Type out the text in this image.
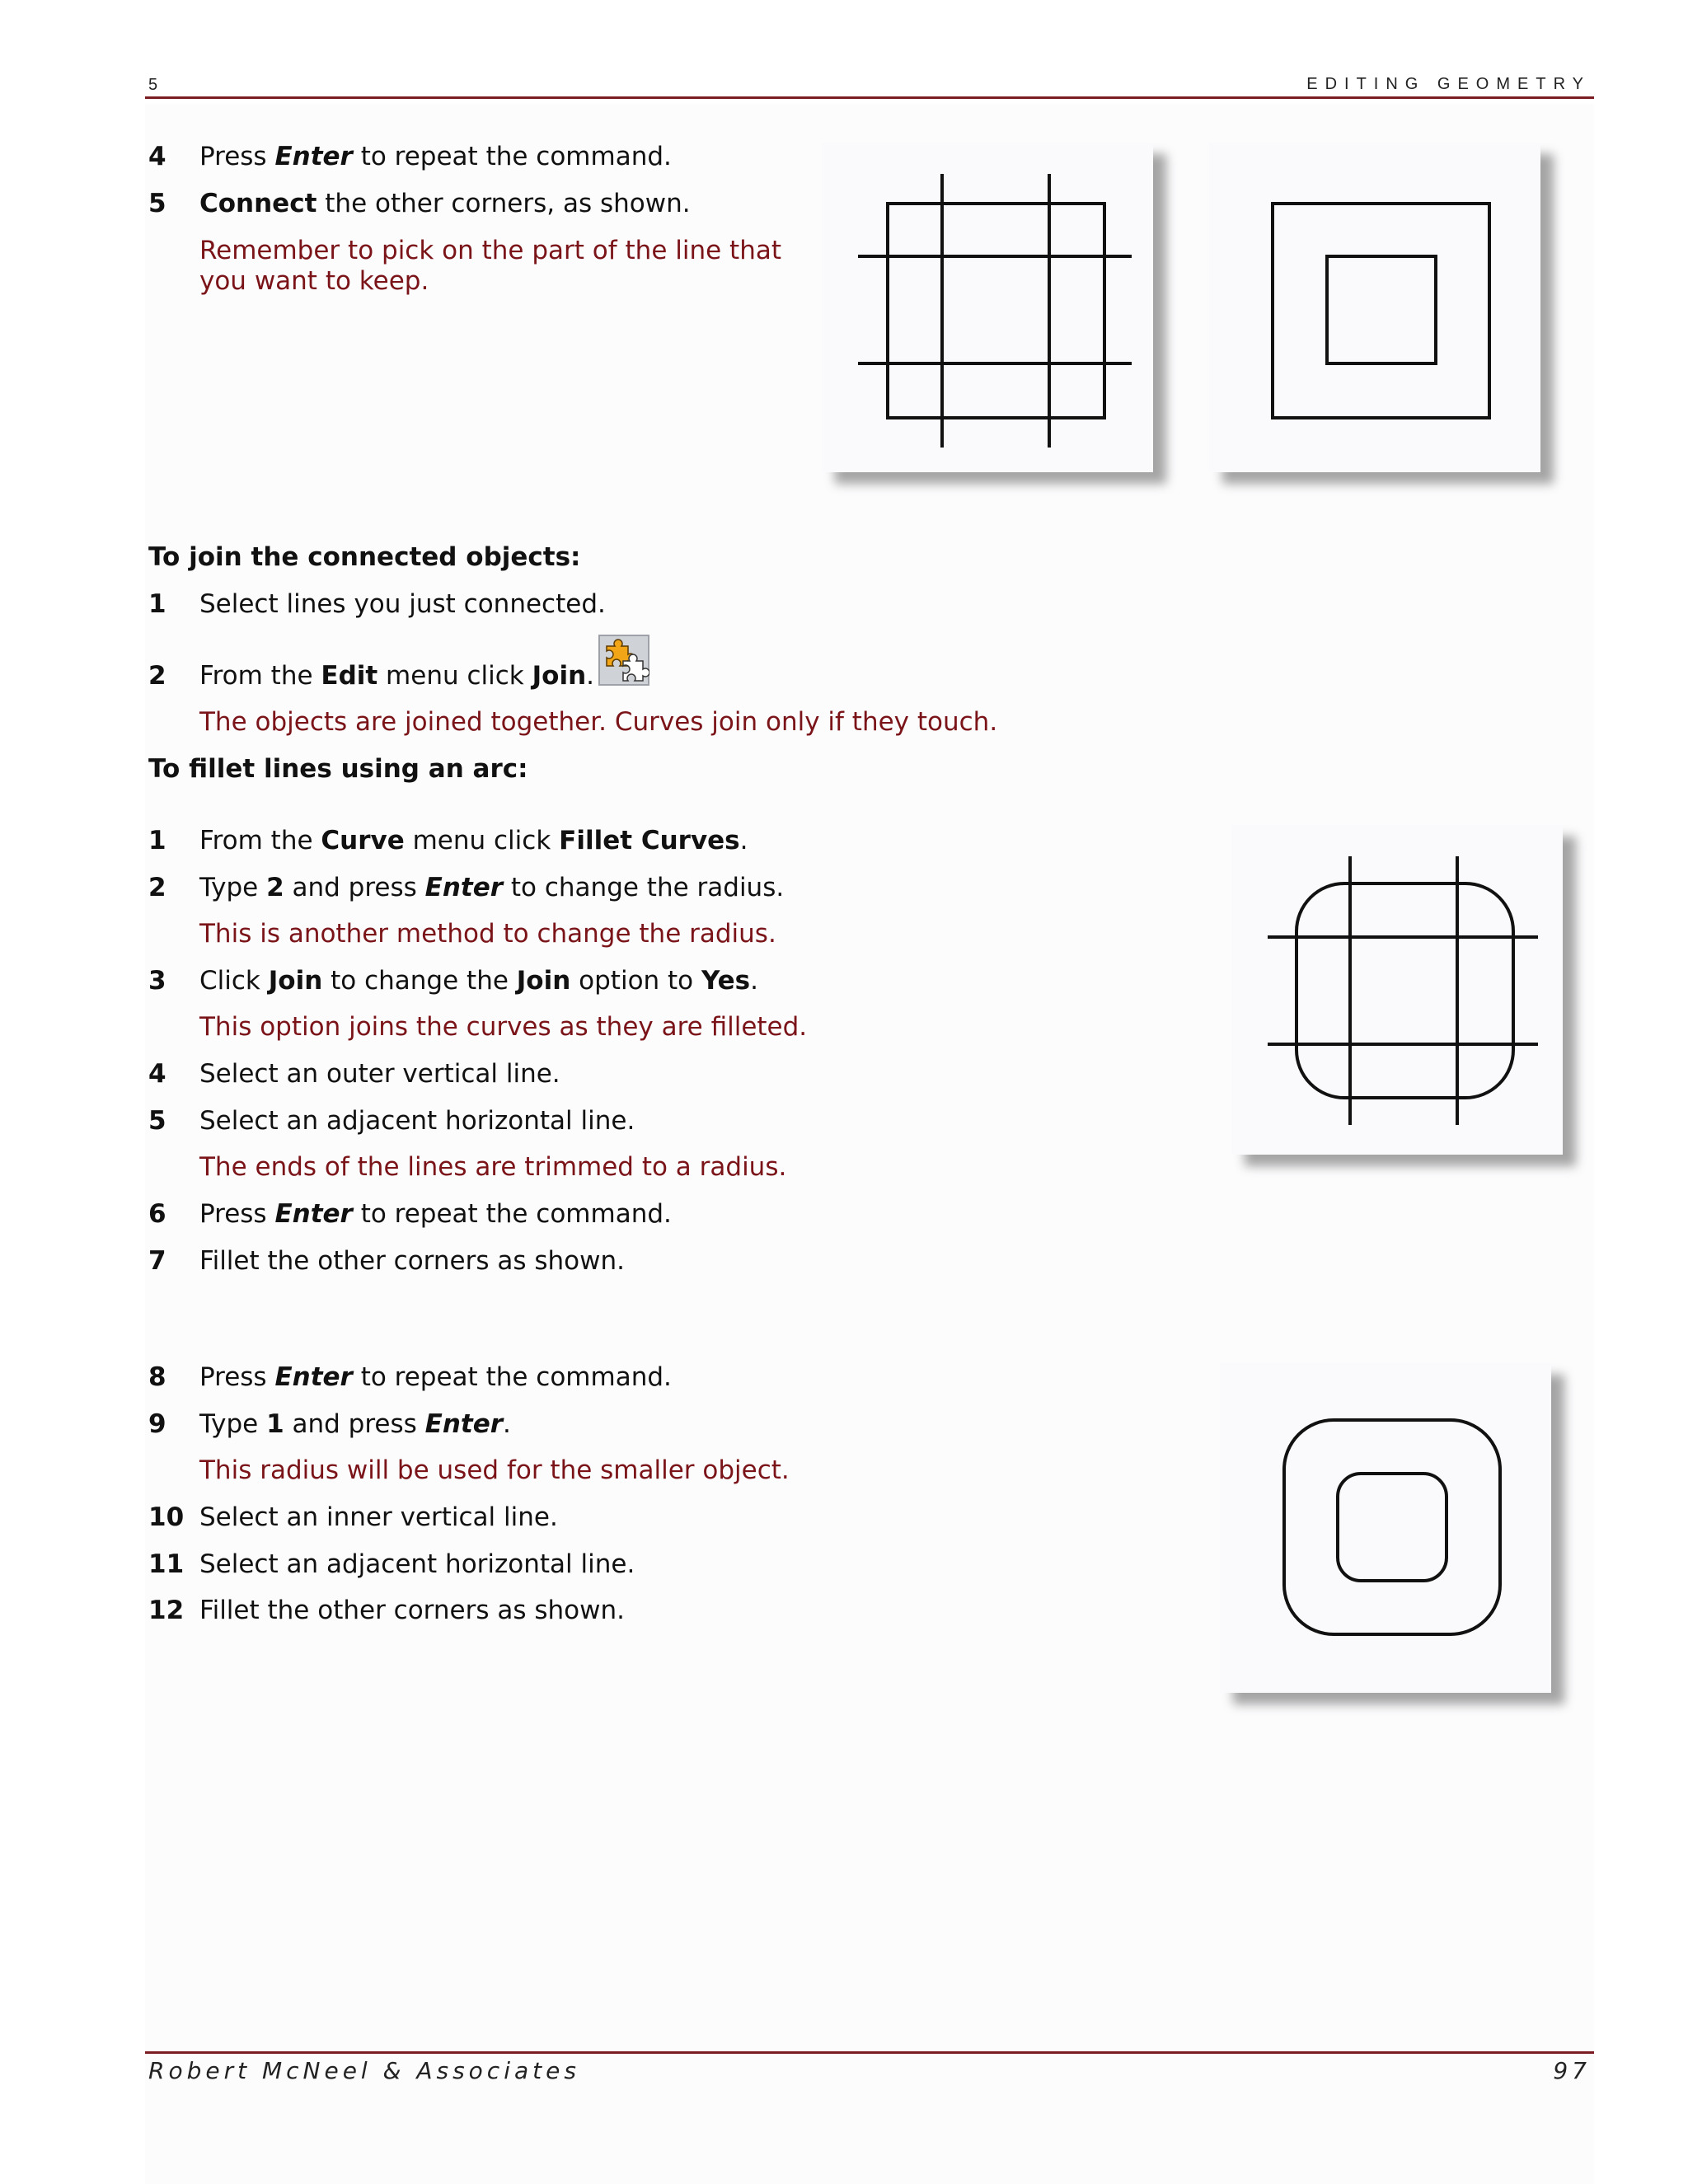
5	EDITING GEOMETRY
4 Press Enter to repeat the command.
5 Connect the other corners, as shown.
Remember to pick on the part of the line that
you want to keep.
To join the connected objects:
1 Select lines you just connected.
2 From the Edit menu click Join.
The objects are joined together. Curves join only if they touch.
To fillet lines using an arc:
1 From the Curve menu click Fillet Curves.
2 Type 2 and press Enter to change the radius.
This is another method to change the radius.
3 Click Join to change the Join option to Yes.
This option joins the curves as they are filleted.
4 Select an outer vertical line.
5 Select an adjacent horizontal line.
The ends of the lines are trimmed to a radius.
6 Press Enter to repeat the command.
7 Fillet the other corners as shown.
8 Press Enter to repeat the command.
9 Type 1 and press Enter.
This radius will be used for the smaller object.
10 Select an inner vertical line.
11 Select an adjacent horizontal line.
12 Fillet the other corners as shown.
Robert McNeel & Associates	97
